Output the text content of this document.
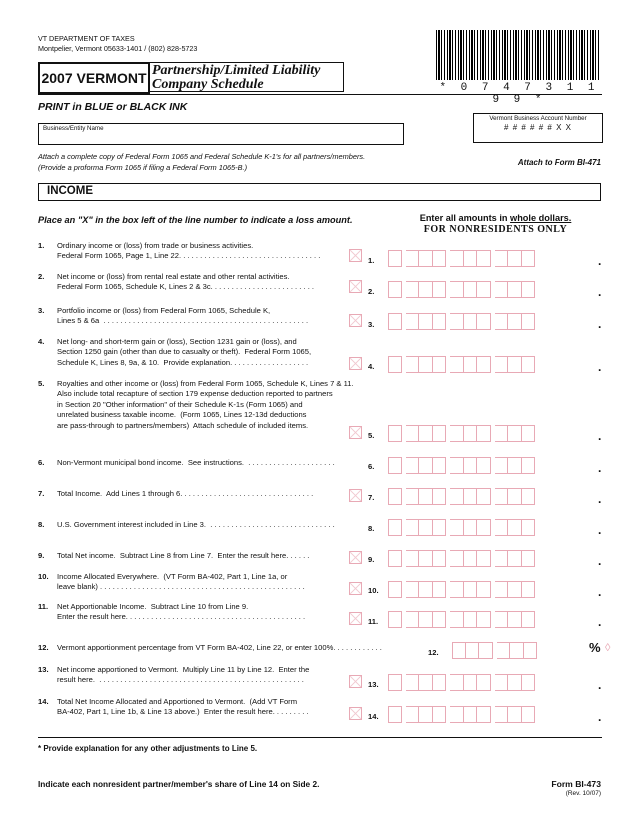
VT DEPARTMENT OF TAXES
Montpelier, Vermont 05633-1401 / (802) 828-5723
* 0 7 4 7 3 1 1 9 9 *
2007 VERMONT Partnership/Limited Liability
Company Schedule
PRINT in BLUE or BLACK INK
Vermont Business Account Number
# # # # # # X X
Business/Entity Name
Attach a complete copy of Federal Form 1065 and Federal Schedule K-1's for all partners/members.
(Provide a proforma Form 1065 if filing a Federal Form 1065-B.)	Attach to Form BI-471
INCOME
Place an "X" in the box left of the line number to indicate a loss amount.	Enter all amounts in whole dollars.
FOR NONRESIDENTS ONLY
1. Ordinary income or (loss) from trade or business activities.
Federal Form 1065, Page 1, Line 22. . . . . . . . . . . . . . . . . . . . . . . . . . . . . . . . . .
1.	.
2. Net income or (loss) from rental real estate and other rental activities.
Federal Form 1065, Schedule K, Lines 2 & 3c. . . . . . . . . . . . . . . . . . . . . . . . .
2.	.
3. Portfolio income or (loss) from Federal Form 1065, Schedule K,
Lines 5 & 6a  . . . . . . . . . . . . . . . . . . . . . . . . . . . . . . . . . . . . . . . . . . . . . . . . .	3.	.
4. Net long- and short-term gain or (loss), Section 1231 gain or (loss), and
Section 1250 gain (other than due to casualty or theft).  Federal Form 1065,
Schedule K, Lines 8, 9a, & 10.  Provide explanation. . . . . . . . . . . . . . . . . . .	4.	.
5. Royalties and other income or (loss) from Federal Form 1065, Schedule K, Lines 7 & 11.
Also include total recapture of section 179 expense deduction reported to partners
in Section 20 "Other information" of their Schedule K-1s (Form 1065) and
unrelated business taxable income.  (Form 1065, Lines 12-13d deductions
are pass-through to partners/members)  Attach schedule of included items.
5.	.
6. Non-Vermont municipal bond income.  See instructions.  . . . . . . . . . . . . . . . . . . . . .	6.	.
7. Total Income.  Add Lines 1 through 6. . . . . . . . . . . . . . . . . . . . . . . . . . . . . . . .	7.	.
8. U.S. Government interest included in Line 3.  . . . . . . . . . . . . . . . . . . . . . . . . . . . . . .	8.	.
9. Total Net income.  Subtract Line 8 from Line 7.  Enter the result here. . . . . .	9.	.
10. Income Allocated Everywhere.  (VT Form BA-402, Part 1, Line 1a, or
leave blank) . . . . . . . . . . . . . . . . . . . . . . . . . . . . . . . . . . . . . . . . . . . . . . . . .	10.	.
11. Net Apportionable Income.  Subtract Line 10 from Line 9.
Enter the result here. . . . . . . . . . . . . . . . . . . . . . . . . . . . . . . . . . . . . . . . . . .
11.	.
12. Vermont apportionment percentage from VT Form BA-402, Line 22, or enter 100%. . . . . . . . . . . .
12.
13. Net income apportioned to Vermont.  Multiply Line 11 by Line 12.  Enter the
result here.  . . . . . . . . . . . . . . . . . . . . . . . . . . . . . . . . . . . . . . . . . . . . . . . . .
13.	.
14. Total Net Income Allocated and Apportioned to Vermont.  (Add VT Form
BA-402, Part 1, Line 1b, & Line 13 above.)  Enter the result here. . . . . . . . .
14.	.
% ◊
* Provide explanation for any other adjustments to Line 5.
Indicate each nonresident partner/member's share of Line 14 on Side 2.	Form BI-473
(Rev. 10/07)
